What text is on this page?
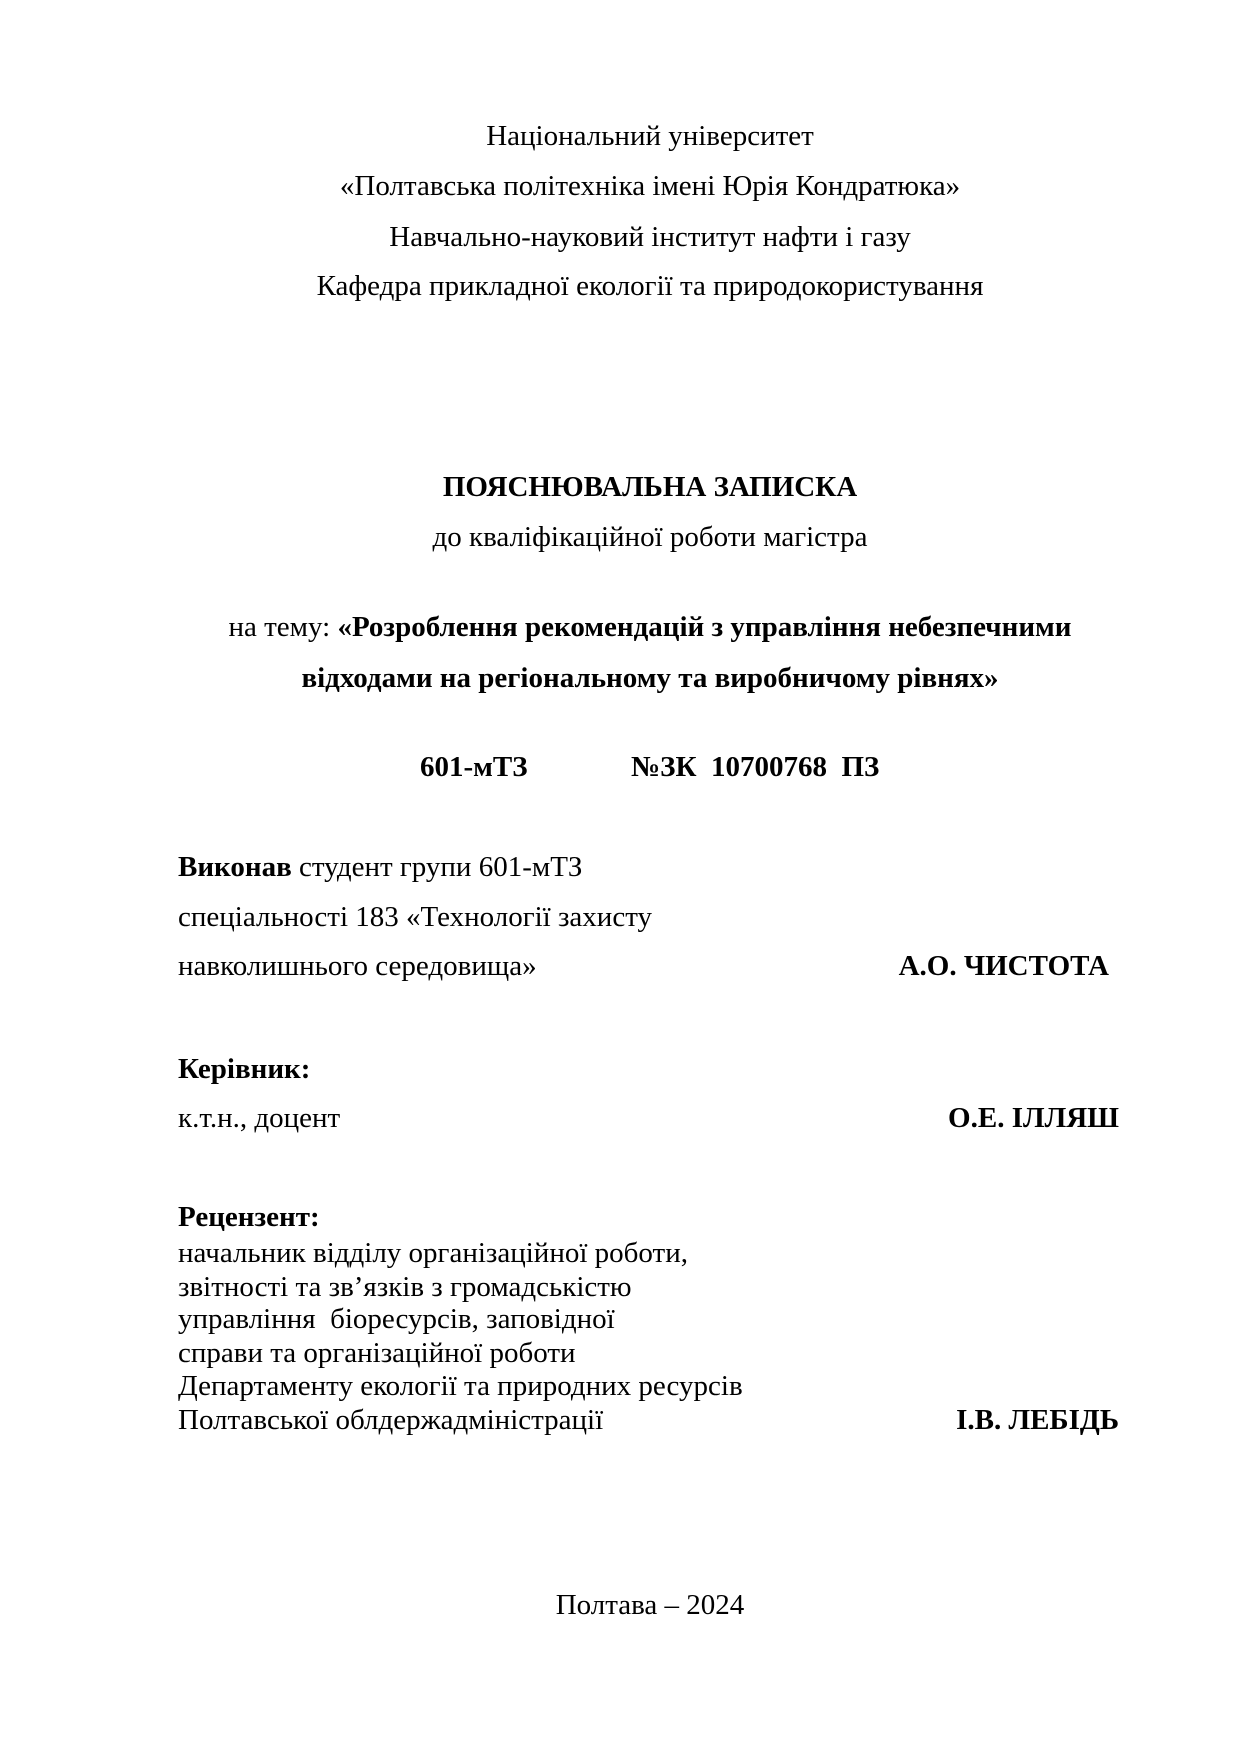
Національний університет
«Полтавська політехніка імені Юрія Кондратюка»
Навчально-науковий інститут нафти і газу
Кафедра прикладної екології та природокористування
ПОЯСНЮВАЛЬНА ЗАПИСКА
до кваліфікаційної роботи магістра
на тему: «Розроблення рекомендацій з управління небезпечними
відходами на регіональному та виробничому рівнях»
601-мТЗ	№ЗК  10700768  ПЗ
Виконав студент групи 601-мТЗ
спеціальності 183 «Технології захисту
навколишнього середовища»	А.О. ЧИСТОТА
Керівник:
к.т.н., доцент	О.Е. ІЛЛЯШ
Рецензент:
начальник відділу організаційної роботи,
звітності та зв’язків з громадськістю
управління  біоресурсів, заповідної
справи та організаційної роботи
Департаменту екології та природних ресурсів
Полтавської облдержадміністрації	І.В. ЛЕБІДЬ
Полтава – 2024
